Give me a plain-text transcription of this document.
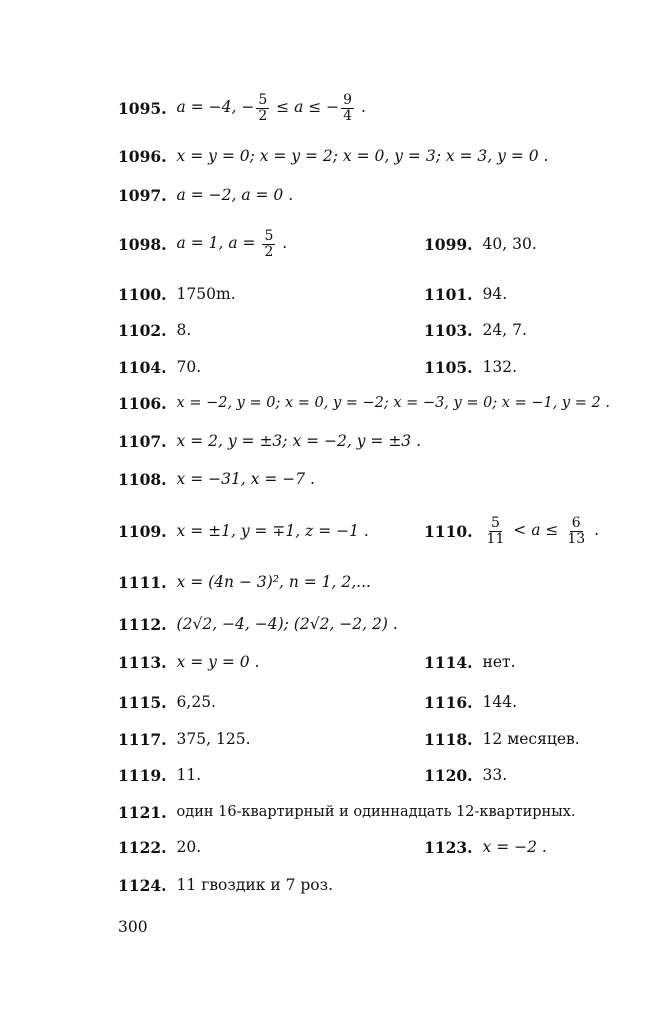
1095. a = −4, − $\frac{5}{2} \le a$ ≤ − $\frac{9}{4}$ .
1096. x = y = 0; x = y = 2; x = 0, y = 3; x = 3, y = 0 .
1097. a = −2, a = 0 .
1098. a = 1, $a = \frac{5}{2}$ .	1099. 40, 30.
1100. 1750m.	1101. 94.
1102. 8.	1103. 24, 7.
1104. 70.	1105. 132.
1106. x = −2, y = 0; x = 0, y = −2; x = −3, y = 0; x = −1, y = 2 .
1107. x = 2, y = ±3; x = −2, y = ±3 .
1108. x = −31, x = −7 .
1109. x = ±1, y = ∓1, z = −1 .	1110. $\frac{5}{11} < a \le \frac{6}{13}$ .
1111. x = (4n − 3)², n = 1, 2,...
1112. (2√2, −4, −4); (2√2, −2, 2) .
1113. x = y = 0 .	1114. нет.
1115. 6,25.	1116. 144.
1117. 375, 125.	1118. 12 месяцев.
1119. 11.	1120. 33.
1121. один 16-квартирный и одиннадцать 12-квартирных.
1122. 20.	1123. x = −2 .
1124. 11 гвоздик и 7 роз.
300
